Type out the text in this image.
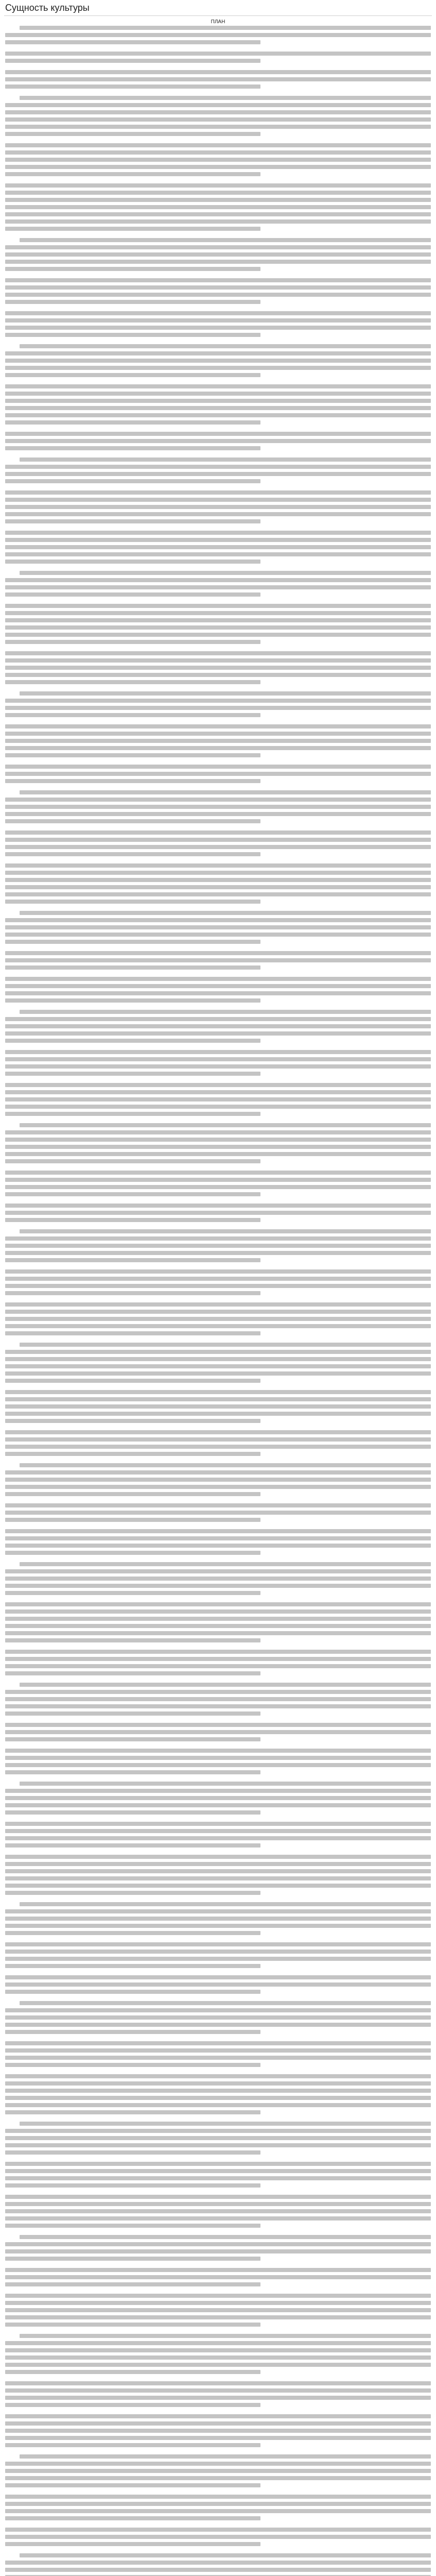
Сущность культуры
ПЛАН
